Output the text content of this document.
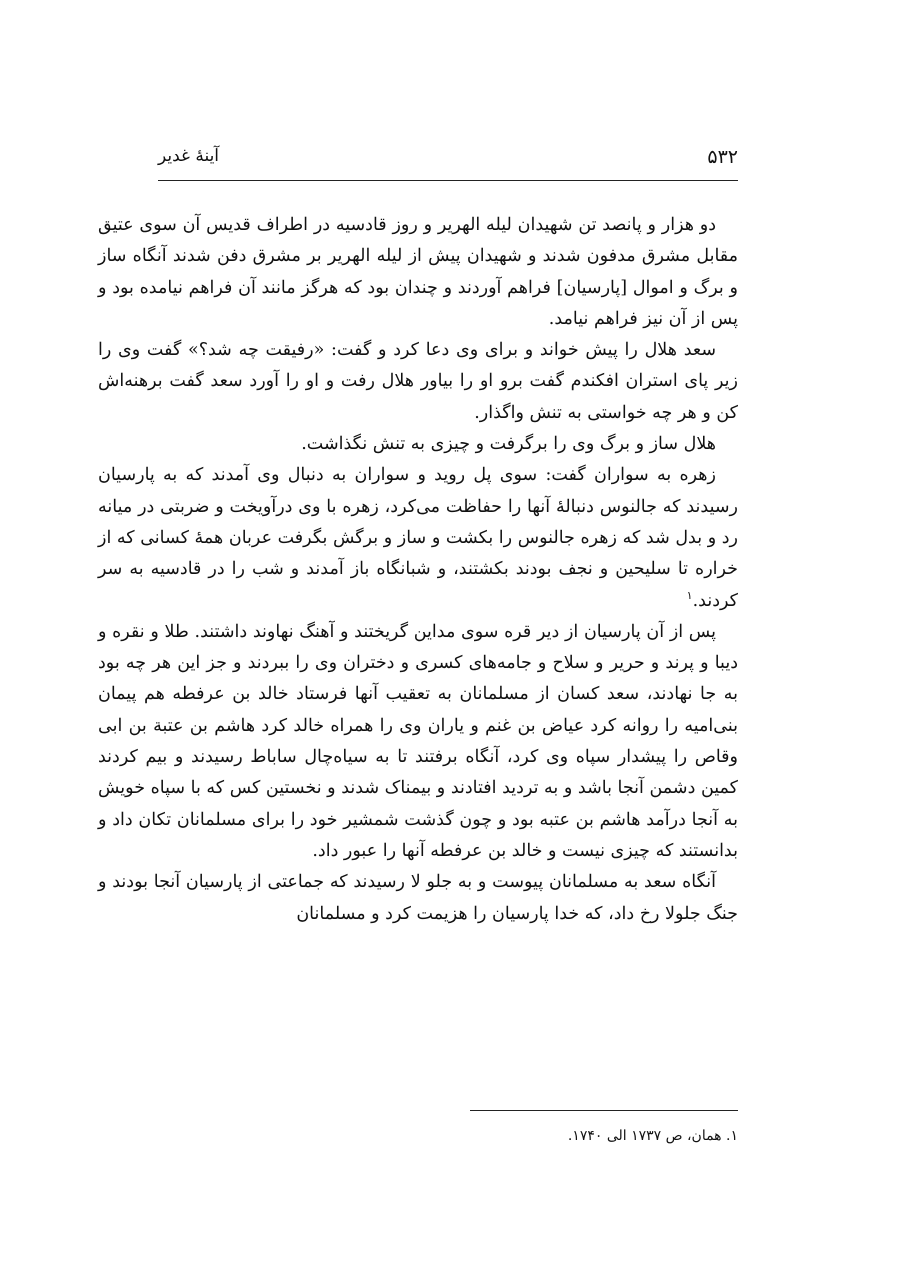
۵۳۲
آینهٔ غدیر

دو هزار و پانصد تن شهیدان لیله الهریر و روز قادسیه در اطراف قدیس آن سوی عتیق مقابل مشرق مدفون شدند و شهیدان پیش از لیله الهریر بر مشرق دفن شدند آنگاه ساز و برگ و اموال [پارسیان] فراهم آوردند و چندان بود که هرگز مانند آن فراهم نیامده بود و پس از آن نیز فراهم نیامد.

سعد هلال را پیش خواند و برای وی دعا کرد و گفت: «رفیقت چه شد؟» گفت وی را زیر پای استران افکندم گفت برو او را بیاور هلال رفت و او را آورد سعد گفت برهنه‌اش کن و هر چه خواستی به تنش واگذار.

هلال ساز و برگ وی را برگرفت و چیزی به تنش نگذاشت.

زهره به سواران گفت: سوی پل روید و سواران به دنبال وی آمدند که به پارسیان رسیدند که جالنوس دنبالهٔ آنها را حفاظت می‌کرد، زهره با وی درآویخت و ضربتی در میانه رد و بدل شد که زهره جالنوس را بکشت و ساز و برگش بگرفت عربان همهٔ کسانی که از خراره تا سلیحین و نجف بودند بکشتند، و شبانگاه باز آمدند و شب را در قادسیه به سر کردند.$^۱$

پس از آن پارسیان از دیر قره سوی مداین گریختند و آهنگ نهاوند داشتند. طلا و نقره و دیبا و پرند و حریر و سلاح و جامه‌های کسری و دختران وی را ببردند و جز این هر چه بود به جا نهادند، سعد کسان از مسلمانان به تعقیب آنها فرستاد خالد بن عرفطه هم پیمان بنی‌امیه را روانه کرد عیاض بن غنم و یاران وی را همراه خالد کرد هاشم بن عتبة بن ابی وقاص را پیشدار سپاه وی کرد، آنگاه برفتند تا به سیاه‌چال ساباط رسیدند و بیم کردند کمین دشمن آنجا باشد و به تردید افتادند و بیمناک شدند و نخستین کس که با سپاه خویش به آنجا درآمد هاشم بن عتبه بود و چون گذشت شمشیر خود را برای مسلمانان تکان داد و بدانستند که چیزی نیست و خالد بن عرفطه آنها را عبور داد.

آنگاه سعد به مسلمانان پیوست و به جلو لا رسیدند که جماعتی از پارسیان آنجا بودند و جنگ جلولا رخ داد، که خدا پارسیان را هزیمت کرد و مسلمانان

۱. همان، ص ۱۷۳۷ الی ۱۷۴۰.
